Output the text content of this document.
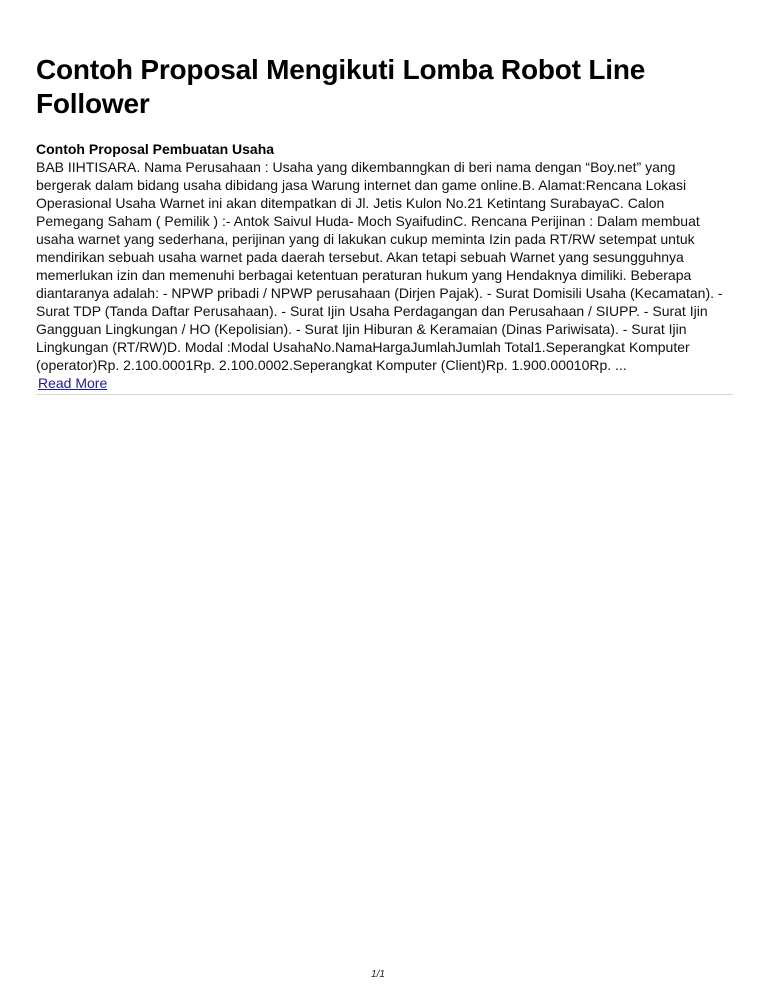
Contoh Proposal Mengikuti Lomba Robot Line Follower
Contoh Proposal Pembuatan Usaha

BAB IIHTISARA. Nama Perusahaan : Usaha yang dikembanngkan di beri nama dengan “Boy.net” yang bergerak dalam bidang usaha dibidang jasa Warung internet dan game online.B. Alamat:Rencana Lokasi Operasional Usaha Warnet ini akan ditempatkan di Jl. Jetis Kulon No.21 Ketintang SurabayaC. Calon Pemegang Saham ( Pemilik ) :- Antok Saivul Huda- Moch SyaifudinC. Rencana Perijinan : Dalam membuat usaha warnet yang sederhana, perijinan yang di lakukan cukup meminta Izin pada RT/RW setempat untuk mendirikan sebuah usaha warnet pada daerah tersebut. Akan tetapi sebuah Warnet yang sesungguhnya memerlukan izin dan memenuhi berbagai ketentuan peraturan hukum yang Hendaknya dimiliki. Beberapa diantaranya adalah: - NPWP pribadi / NPWP perusahaan (Dirjen Pajak). - Surat Domisili Usaha (Kecamatan). - Surat TDP (Tanda Daftar Perusahaan). - Surat Ijin Usaha Perdagangan dan Perusahaan / SIUPP. - Surat Ijin Gangguan Lingkungan / HO (Kepolisian). - Surat Ijin Hiburan & Keramaian (Dinas Pariwisata). - Surat Ijin Lingkungan (RT/RW)D. Modal :Modal UsahaNo.NamaHargaJumlahJumlah Total1.Seperangkat Komputer (operator)Rp. 2.100.0001Rp. 2.100.0002.Seperangkat Komputer (Client)Rp. 1.900.00010Rp. ...

Read More
1/1
